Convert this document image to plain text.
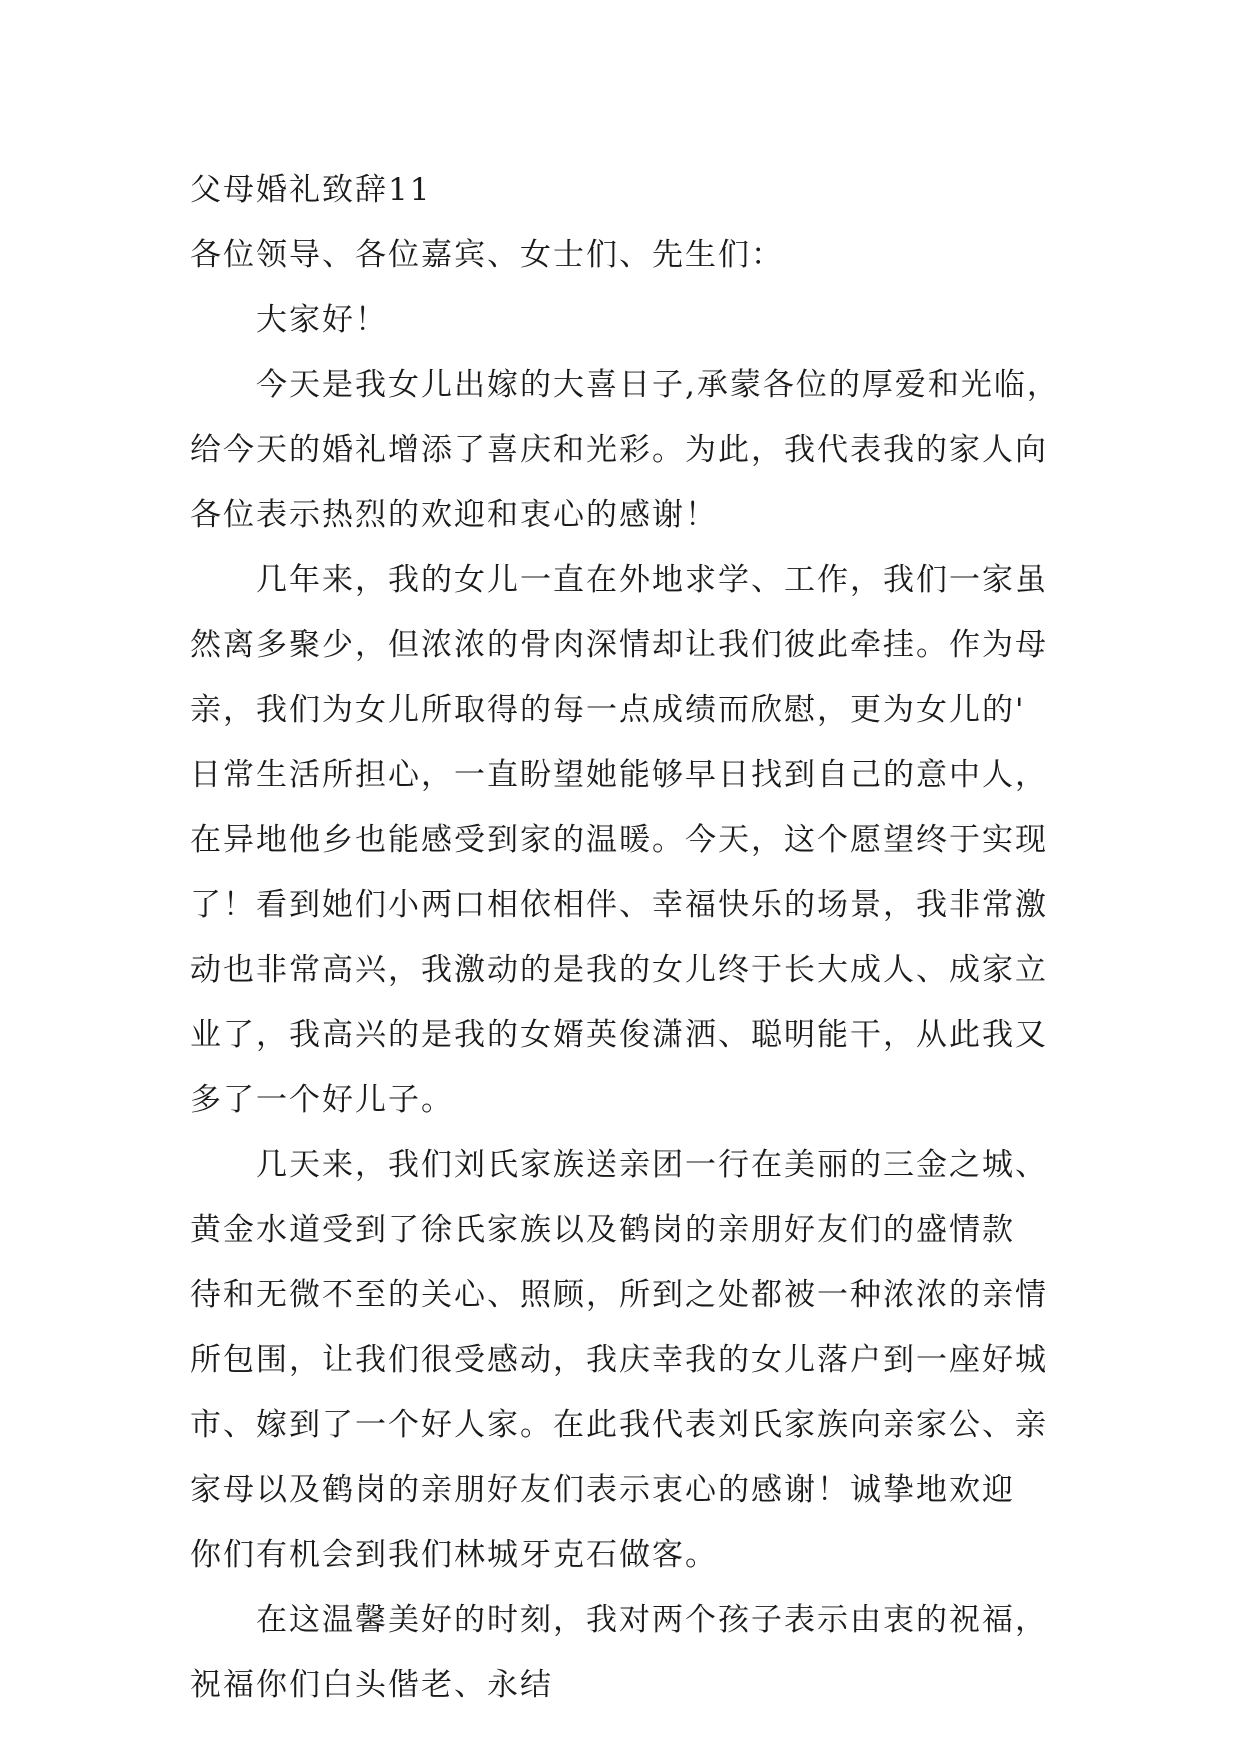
父母婚礼致辞11
各位领导、各位嘉宾、女士们、先生们：
大家好！
今天是我女儿出嫁的大喜日子,承蒙各位的厚爱和光临，
给今天的婚礼增添了喜庆和光彩。为此，我代表我的家人向
各位表示热烈的欢迎和衷心的感谢！
几年来，我的女儿一直在外地求学、工作，我们一家虽
然离多聚少，但浓浓的骨肉深情却让我们彼此牵挂。作为母
亲，我们为女儿所取得的每一点成绩而欣慰，更为女儿的'
日常生活所担心，一直盼望她能够早日找到自己的意中人，
在异地他乡也能感受到家的温暖。今天，这个愿望终于实现
了！看到她们小两口相依相伴、幸福快乐的场景，我非常激
动也非常高兴，我激动的是我的女儿终于长大成人、成家立
业了，我高兴的是我的女婿英俊潇洒、聪明能干，从此我又
多了一个好儿子。
几天来，我们刘氏家族送亲团一行在美丽的三金之城、
黄金水道受到了徐氏家族以及鹤岗的亲朋好友们的盛情款
待和无微不至的关心、照顾，所到之处都被一种浓浓的亲情
所包围，让我们很受感动，我庆幸我的女儿落户到一座好城
市、嫁到了一个好人家。在此我代表刘氏家族向亲家公、亲
家母以及鹤岗的亲朋好友们表示衷心的感谢！诚挚地欢迎
你们有机会到我们林城牙克石做客。
在这温馨美好的时刻，我对两个孩子表示由衷的祝福，
祝福你们白头偕老、永结
